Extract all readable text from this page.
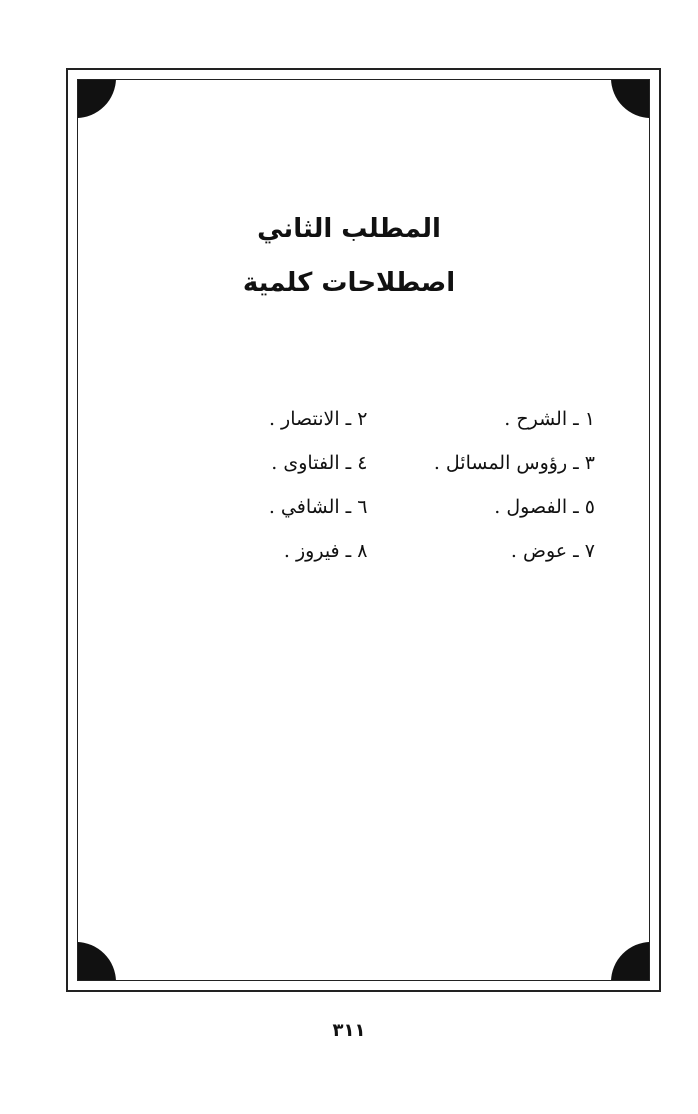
المطلب الثاني
اصطلاحات كلمية
١ ـ الشرح .
٢ ـ الانتصار .
٣ ـ رؤوس المسائل .
٤ ـ الفتاوى .
٥ ـ الفصول .
٦ ـ الشافي .
٧ ـ عوض .
٨ ـ فيروز .
٣١١
